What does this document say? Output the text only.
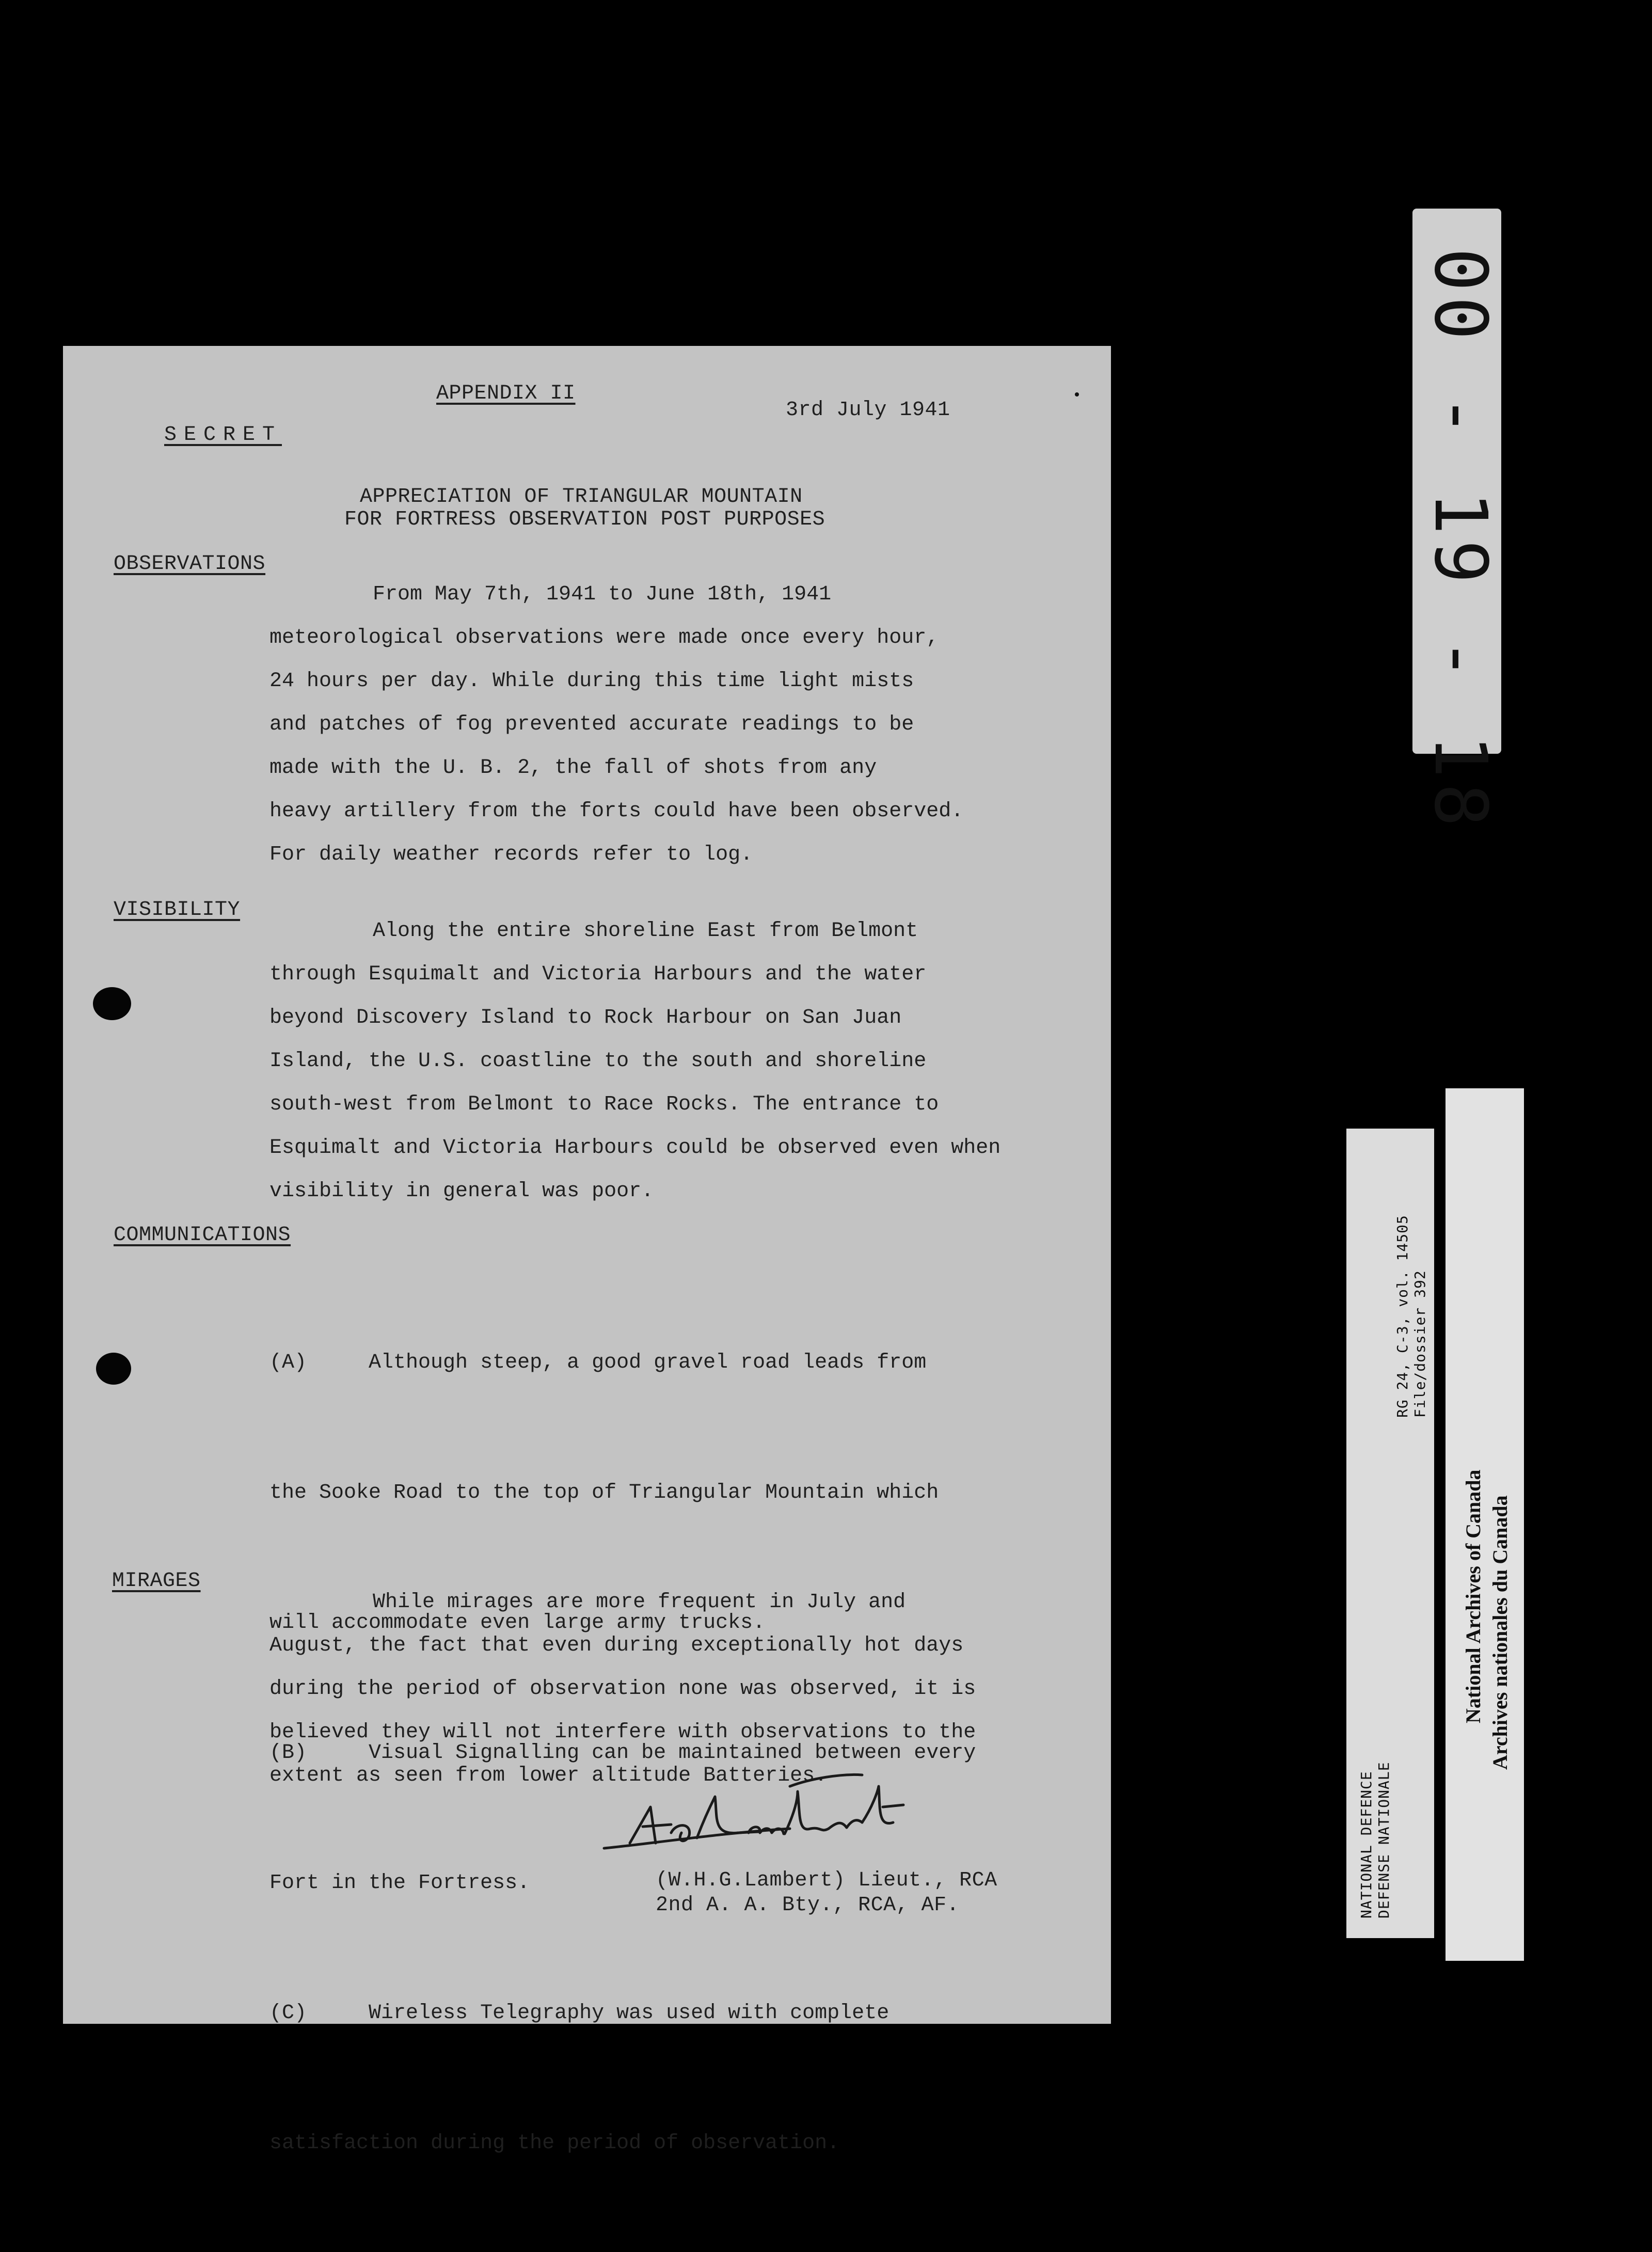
00 - 19 - 18
APPENDIX II
3rd July 1941
SECRET
APPRECIATION OF TRIANGULAR MOUNTAIN
FOR FORTRESS OBSERVATION POST PURPOSES
OBSERVATIONS
From May 7th, 1941 to June 18th, 1941
meteorological observations were made once every hour,
24 hours per day. While during this time light mists
and patches of fog prevented accurate readings to be
made with the U. B. 2, the fall of shots from any
heavy artillery from the forts could have been observed.
For daily weather records refer to log.
VISIBILITY
Along the entire shoreline East from Belmont
through Esquimalt and Victoria Harbours and the water
beyond Discovery Island to Rock Harbour on San Juan
Island, the U.S. coastline to the south and shoreline
south-west from Belmont to Race Rocks. The entrance to
Esquimalt and Victoria Harbours could be observed even when
visibility in general was poor.
COMMUNICATIONS

(A)     Although steep, a good gravel road leads from

the Sooke Road to the top of Triangular Mountain which

will accommodate even large army trucks.

(B)     Visual Signalling can be maintained between every

Fort in the Fortress.

(C)     Wireless Telegraphy was used with complete

satisfaction during the period of observation.

MIRAGES
While mirages are more frequent in July and
August, the fact that even during exceptionally hot days
during the period of observation none was observed, it is
believed they will not interfere with observations to the
extent as seen from lower altitude Batteries.
(W.H.G.Lambert) Lieut., RCA
2nd A. A. Bty., RCA, AF.	NATIONAL DEFENCE DEFENSE NATIONALE
RG 24, C-3, vol. 14505 File/dossier 392
National Archives of Canada Archives nationales du Canada
